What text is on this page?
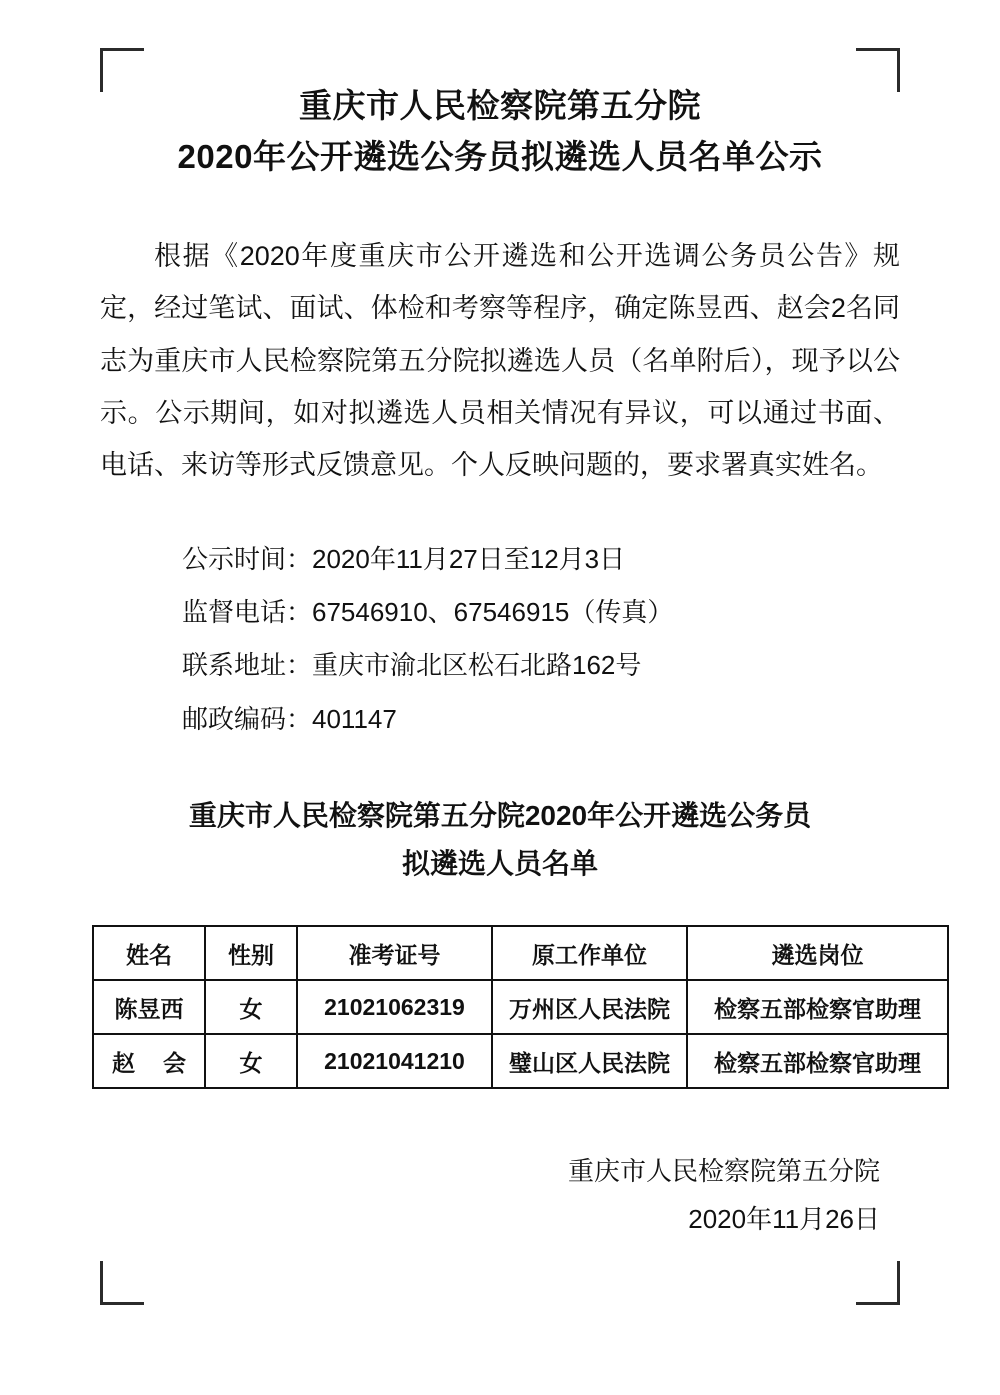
重庆市人民检察院第五分院
2020年公开遴选公务员拟遴选人员名单公示

根据《2020年度重庆市公开遴选和公开选调公务员公告》规定，经过笔试、面试、体检和考察等程序，确定陈昱西、赵会2名同志为重庆市人民检察院第五分院拟遴选人员（名单附后），现予以公示。公示期间，如对拟遴选人员相关情况有异议，可以通过书面、电话、来访等形式反馈意见。个人反映问题的，要求署真实姓名。

公示时间：2020年11月27日至12月3日
监督电话：67546910、67546915（传真）
联系地址：重庆市渝北区松石北路162号
邮政编码：401147
重庆市人民检察院第五分院2020年公开遴选公务员
拟遴选人员名单
姓名	性别	准考证号	原工作单位	遴选岗位
陈昱西	女	21021062319	万州区人民法院	检察五部检察官助理
赵 会	女	21021041210	璧山区人民法院	检察五部检察官助理
重庆市人民检察院第五分院
2020年11月26日
